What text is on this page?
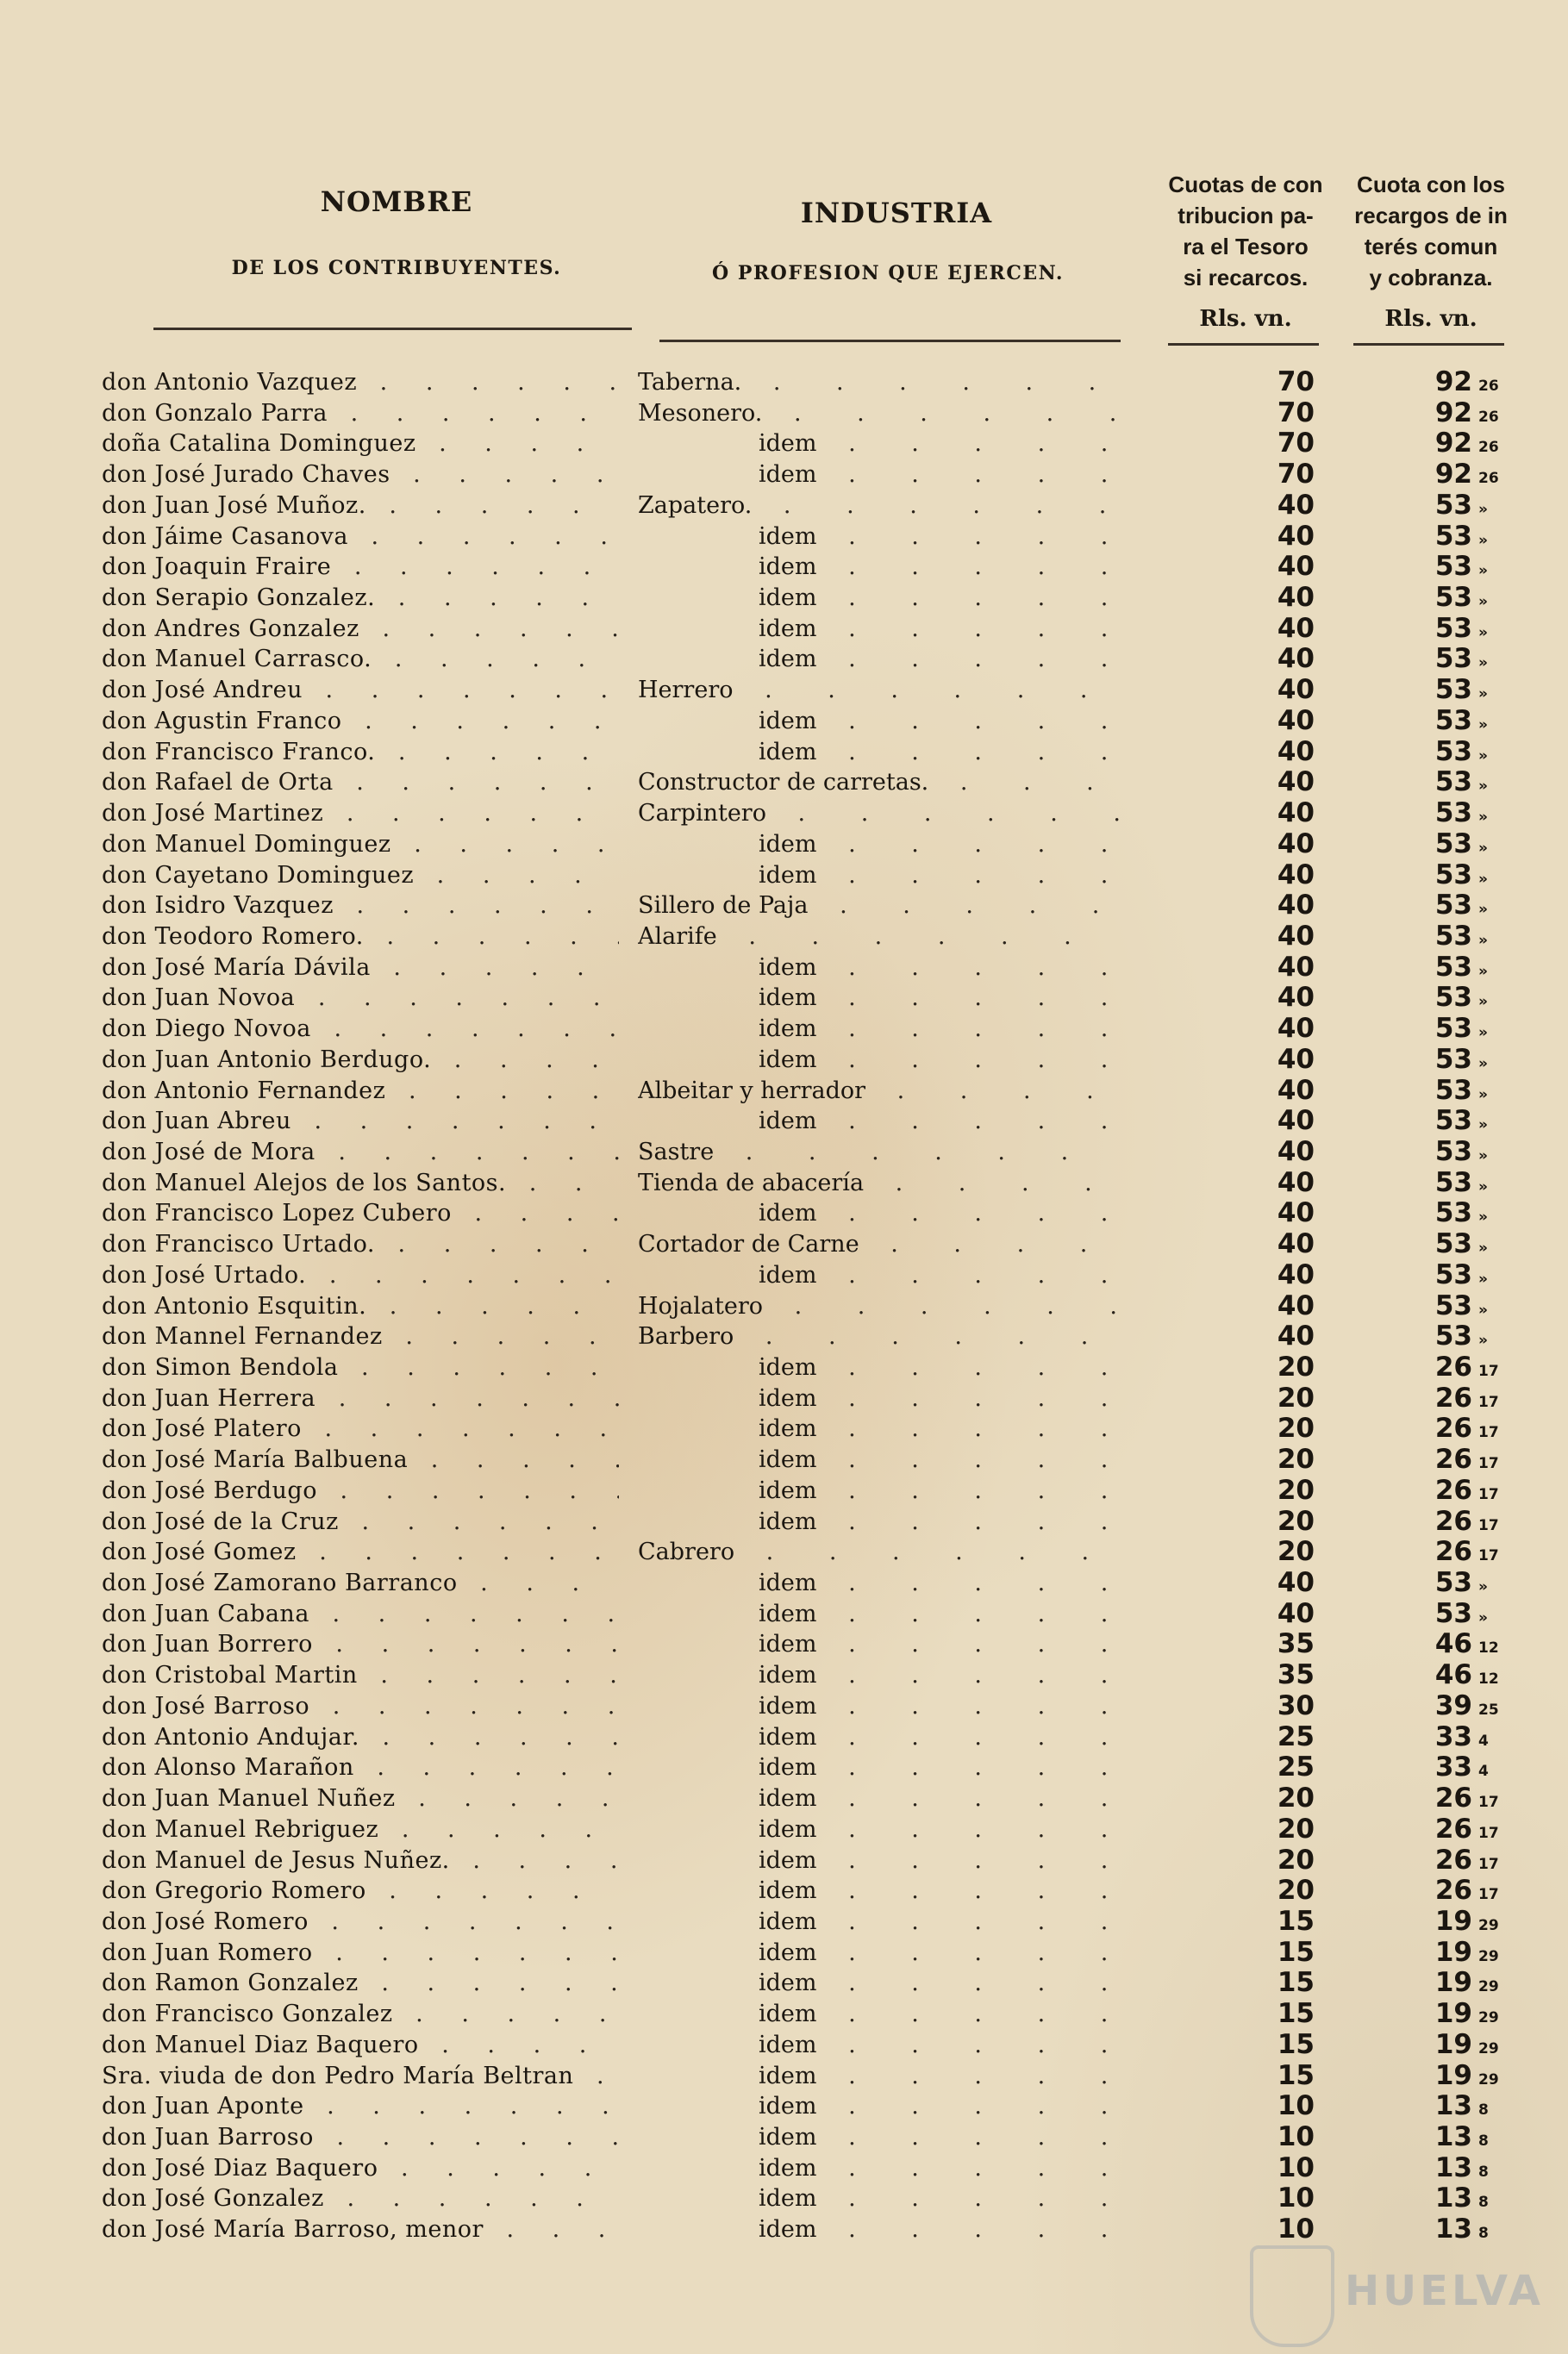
NOMBRE
DE LOS CONTRIBUYENTES.
INDUSTRIA
Ó PROFESION QUE EJERCEN.
Cuotas de con
tribucion pa-
ra el Tesoro
si recarcos.
Cuota con los
recargos de in
terés comun
y cobranza.
Rls. vn.	Rls. vn.
don Antonio Vazquez . . .	Taberna. . . .	70	92 26
don Gonzalo Parra . . .	Mesonero. . . .	70	92 26
doña Catalina Dominguez . . .	idem . . .	70	92 26
don José Jurado Chaves . . .	idem . . .	70	92 26
don Juan José Muñoz. . . .	Zapatero. . . .	40	53 »
don Jáime Casanova . . .	idem . . .	40	53 »
don Joaquin Fraire . . .	idem . . .	40	53 »
don Serapio Gonzalez. . . .	idem . . .	40	53 »
don Andres Gonzalez . . .	idem . . .	40	53 »
don Manuel Carrasco. . . .	idem . . .	40	53 »
don José Andreu . . .	Herrero . . .	40	53 »
don Agustin Franco . . .	idem . . .	40	53 »
don Francisco Franco. . . .	idem . . .	40	53 »
don Rafael de Orta . . .	Constructor de carretas. . . .	40	53 »
don José Martinez . . .	Carpintero . . .	40	53 »
don Manuel Dominguez . . .	idem . . .	40	53 »
don Cayetano Dominguez . . .	idem . . .	40	53 »
don Isidro Vazquez . . .	Sillero de Paja . . .	40	53 »
don Teodoro Romero. . . .	Alarife . . .	40	53 »
don José María Dávila . . .	idem . . .	40	53 »
don Juan Novoa . . .	idem . . .	40	53 »
don Diego Novoa . . .	idem . . .	40	53 »
don Juan Antonio Berdugo. . . .	idem . . .	40	53 »
don Antonio Fernandez . . .	Albeitar y herrador . . .	40	53 »
don Juan Abreu . . .	idem . . .	40	53 »
don José de Mora . . .	Sastre . . .	40	53 »
don Manuel Alejos de los Santos. . . .	Tienda de abacería . . .	40	53 »
don Francisco Lopez Cubero . . .	idem . . .	40	53 »
don Francisco Urtado. . . .	Cortador de Carne . . .	40	53 »
don José Urtado. . . .	idem . . .	40	53 »
don Antonio Esquitin. . . .	Hojalatero . . .	40	53 »
don Mannel Fernandez . . .	Barbero . . .	40	53 »
don Simon Bendola . . .	idem . . .	20	26 17
don Juan Herrera . . .	idem . . .	20	26 17
don José Platero . . .	idem . . .	20	26 17
don José María Balbuena . . .	idem . . .	20	26 17
don José Berdugo . . .	idem . . .	20	26 17
don José de la Cruz . . .	idem . . .	20	26 17
don José Gomez . . .	Cabrero . . .	20	26 17
don José Zamorano Barranco . . .	idem . . .	40	53 »
don Juan Cabana . . .	idem . . .	40	53 »
don Juan Borrero . . .	idem . . .	35	46 12
don Cristobal Martin . . .	idem . . .	35	46 12
don José Barroso . . .	idem . . .	30	39 25
don Antonio Andujar. . . .	idem . . .	25	33 4
don Alonso Marañon . . .	idem . . .	25	33 4
don Juan Manuel Nuñez . . .	idem . . .	20	26 17
don Manuel Rebriguez . . .	idem . . .	20	26 17
don Manuel de Jesus Nuñez. . . .	idem . . .	20	26 17
don Gregorio Romero . . .	idem . . .	20	26 17
don José Romero . . .	idem . . .	15	19 29
don Juan Romero . . .	idem . . .	15	19 29
don Ramon Gonzalez . . .	idem . . .	15	19 29
don Francisco Gonzalez . . .	idem . . .	15	19 29
don Manuel Diaz Baquero . . .	idem . . .	15	19 29
Sra. viuda de don Pedro María Beltran . . .	idem . . .	15	19 29
don Juan Aponte . . .	idem . . .	10	13 8
don Juan Barroso . . .	idem . . .	10	13 8
don José Diaz Baquero . . .	idem . . .	10	13 8
don José Gonzalez . . .	idem . . .	10	13 8
don José María Barroso, menor . . .	idem . . .	10	13 8
HUELVA
